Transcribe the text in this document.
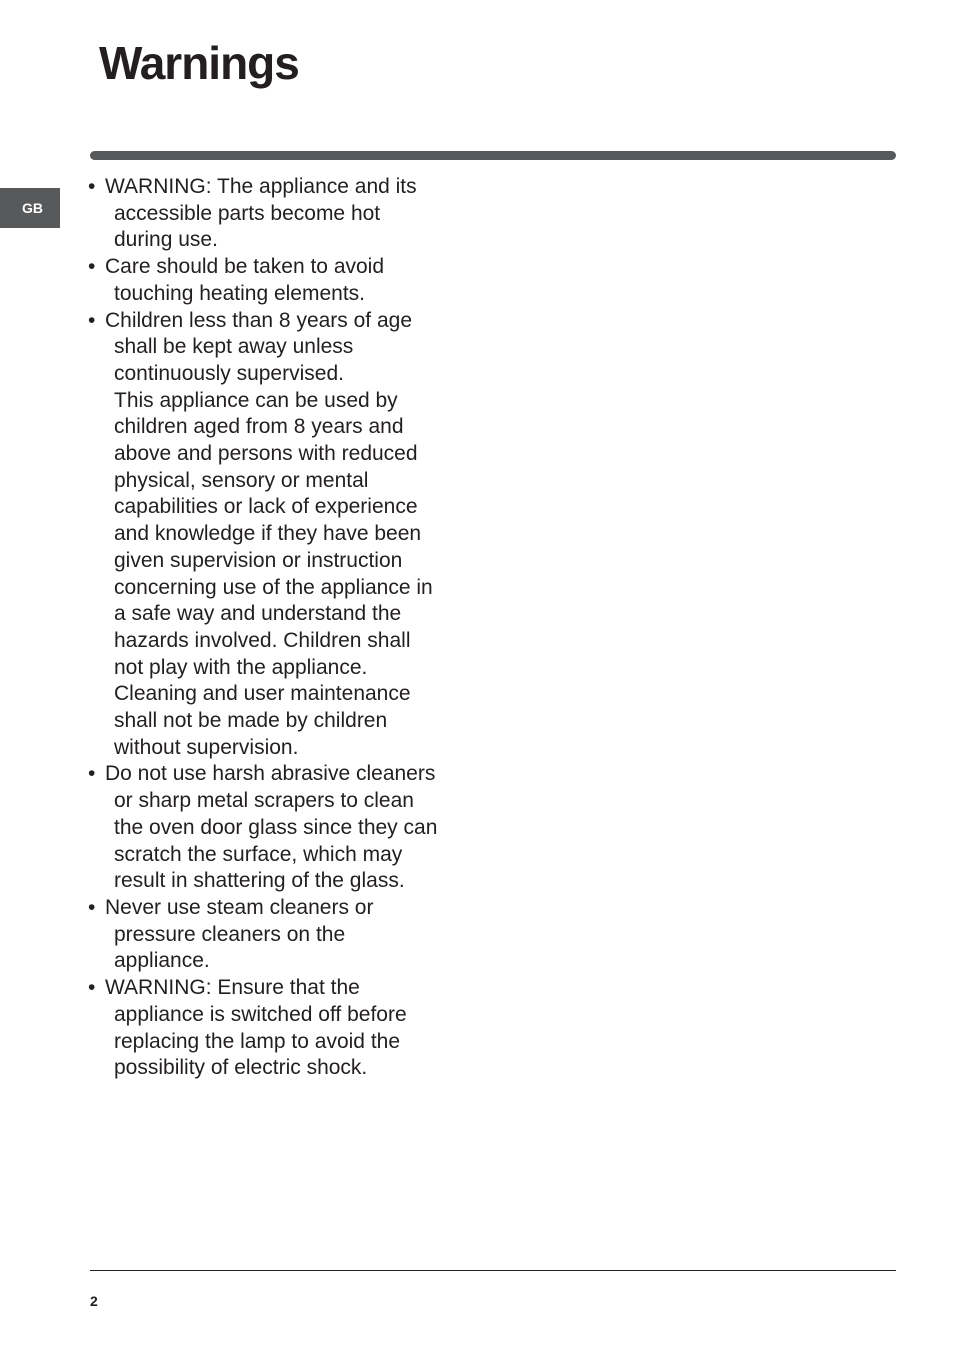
Warnings
GB
• WARNING: The appliance and its
accessible parts become hot
during use.
• Care should be taken to avoid
touching heating elements.
• Children less than 8 years of age
shall be kept away unless
continuously supervised.
This appliance can be used by
children aged from 8 years and
above and persons with reduced
physical, sensory or mental
capabilities or lack of experience
and knowledge if they have been
given supervision or instruction
concerning use of the appliance in
a safe way and understand the
hazards involved. Children shall
not play with the appliance.
Cleaning and user maintenance
shall not be made by children
without supervision.
• Do not use harsh abrasive cleaners
or sharp metal scrapers to clean
the oven door glass since they can
scratch the surface, which may
result in shattering of the glass.
• Never use steam cleaners or
pressure cleaners on the
appliance.
• WARNING: Ensure that the
appliance is switched off before
replacing the lamp to avoid the
possibility of electric shock.
2
